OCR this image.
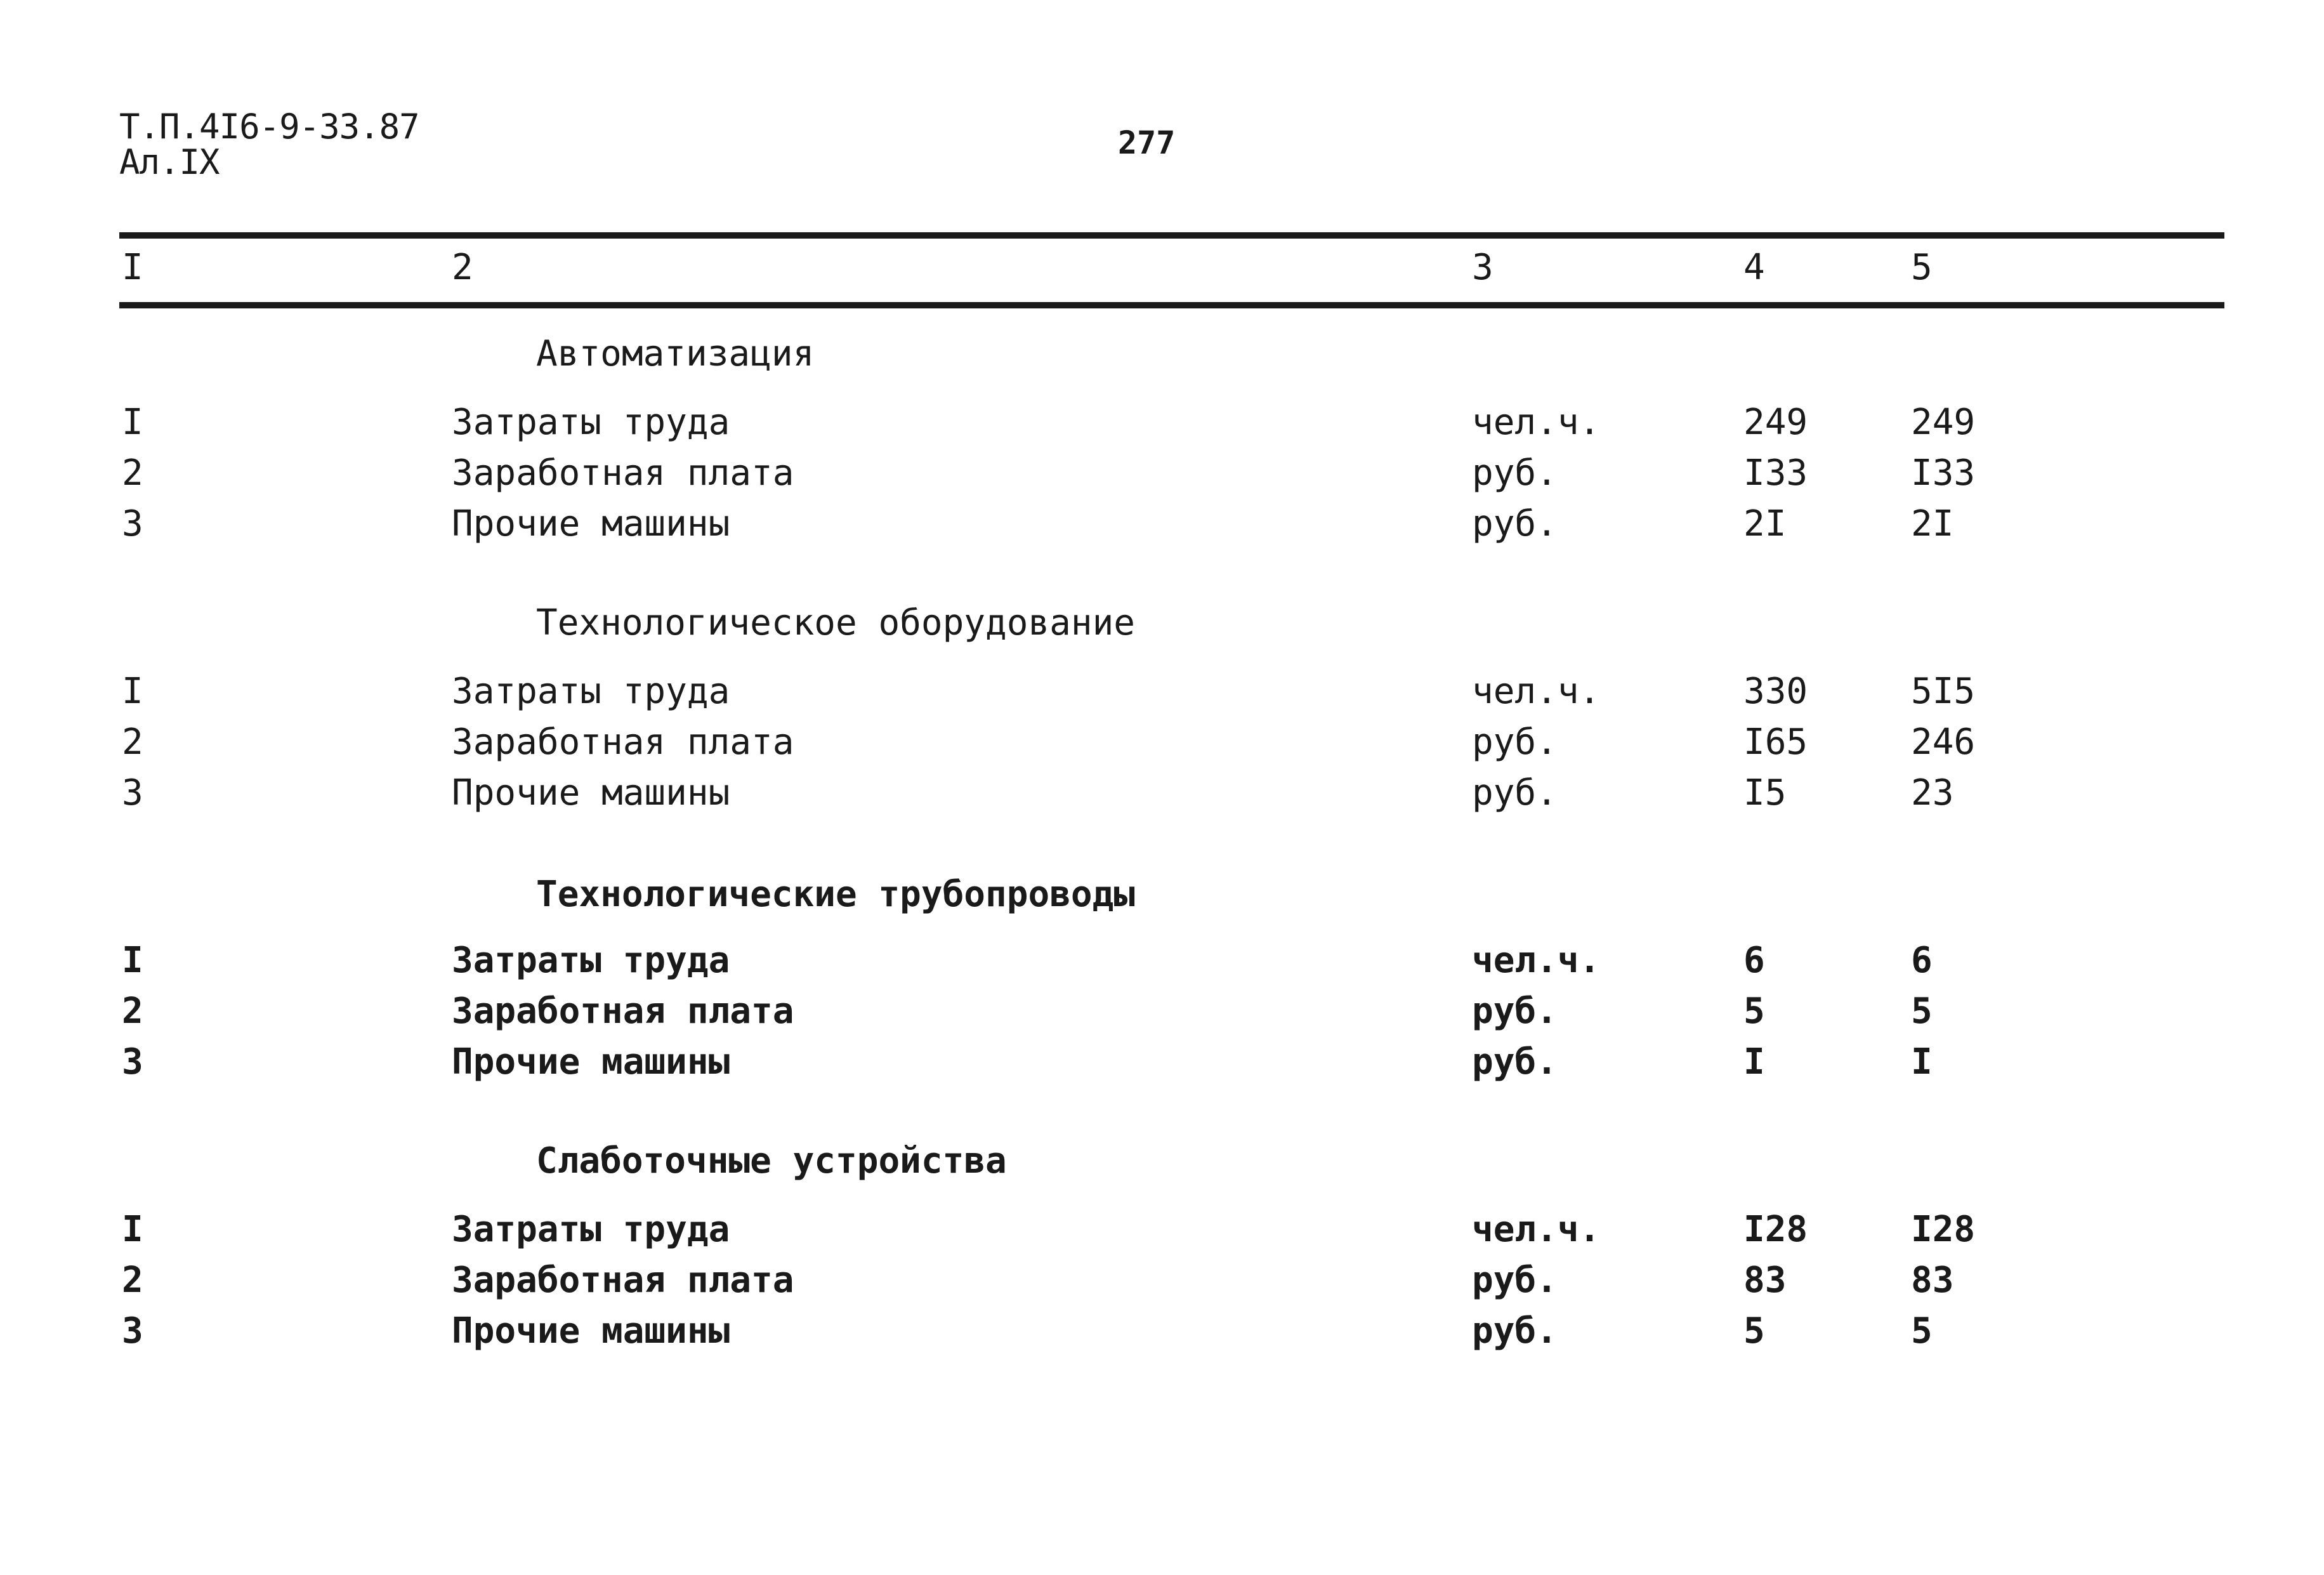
Т.П.4I6-9-33.87
Ал.IX	277
I	2	3	4	5
Автоматизация
I	Затраты труда	чел.ч.	249	249
2	Заработная плата	руб.	I33	I33
3	Прочие машины	руб.	2I	2I
Технологическое оборудование
I	Затраты труда	чел.ч.	330	5I5
2	Заработная плата	руб.	I65	246
3	Прочие машины	руб.	I5	23
Технологические трубопроводы
I	Затраты труда	чел.ч.	6	6
2	Заработная плата	руб.	5	5
3	Прочие машины	руб.	I	I
Слаботочные устройства
I	Затраты труда	чел.ч.	I28	I28
2	Заработная плата	руб.	83	83
3	Прочие машины	руб.	5	5
